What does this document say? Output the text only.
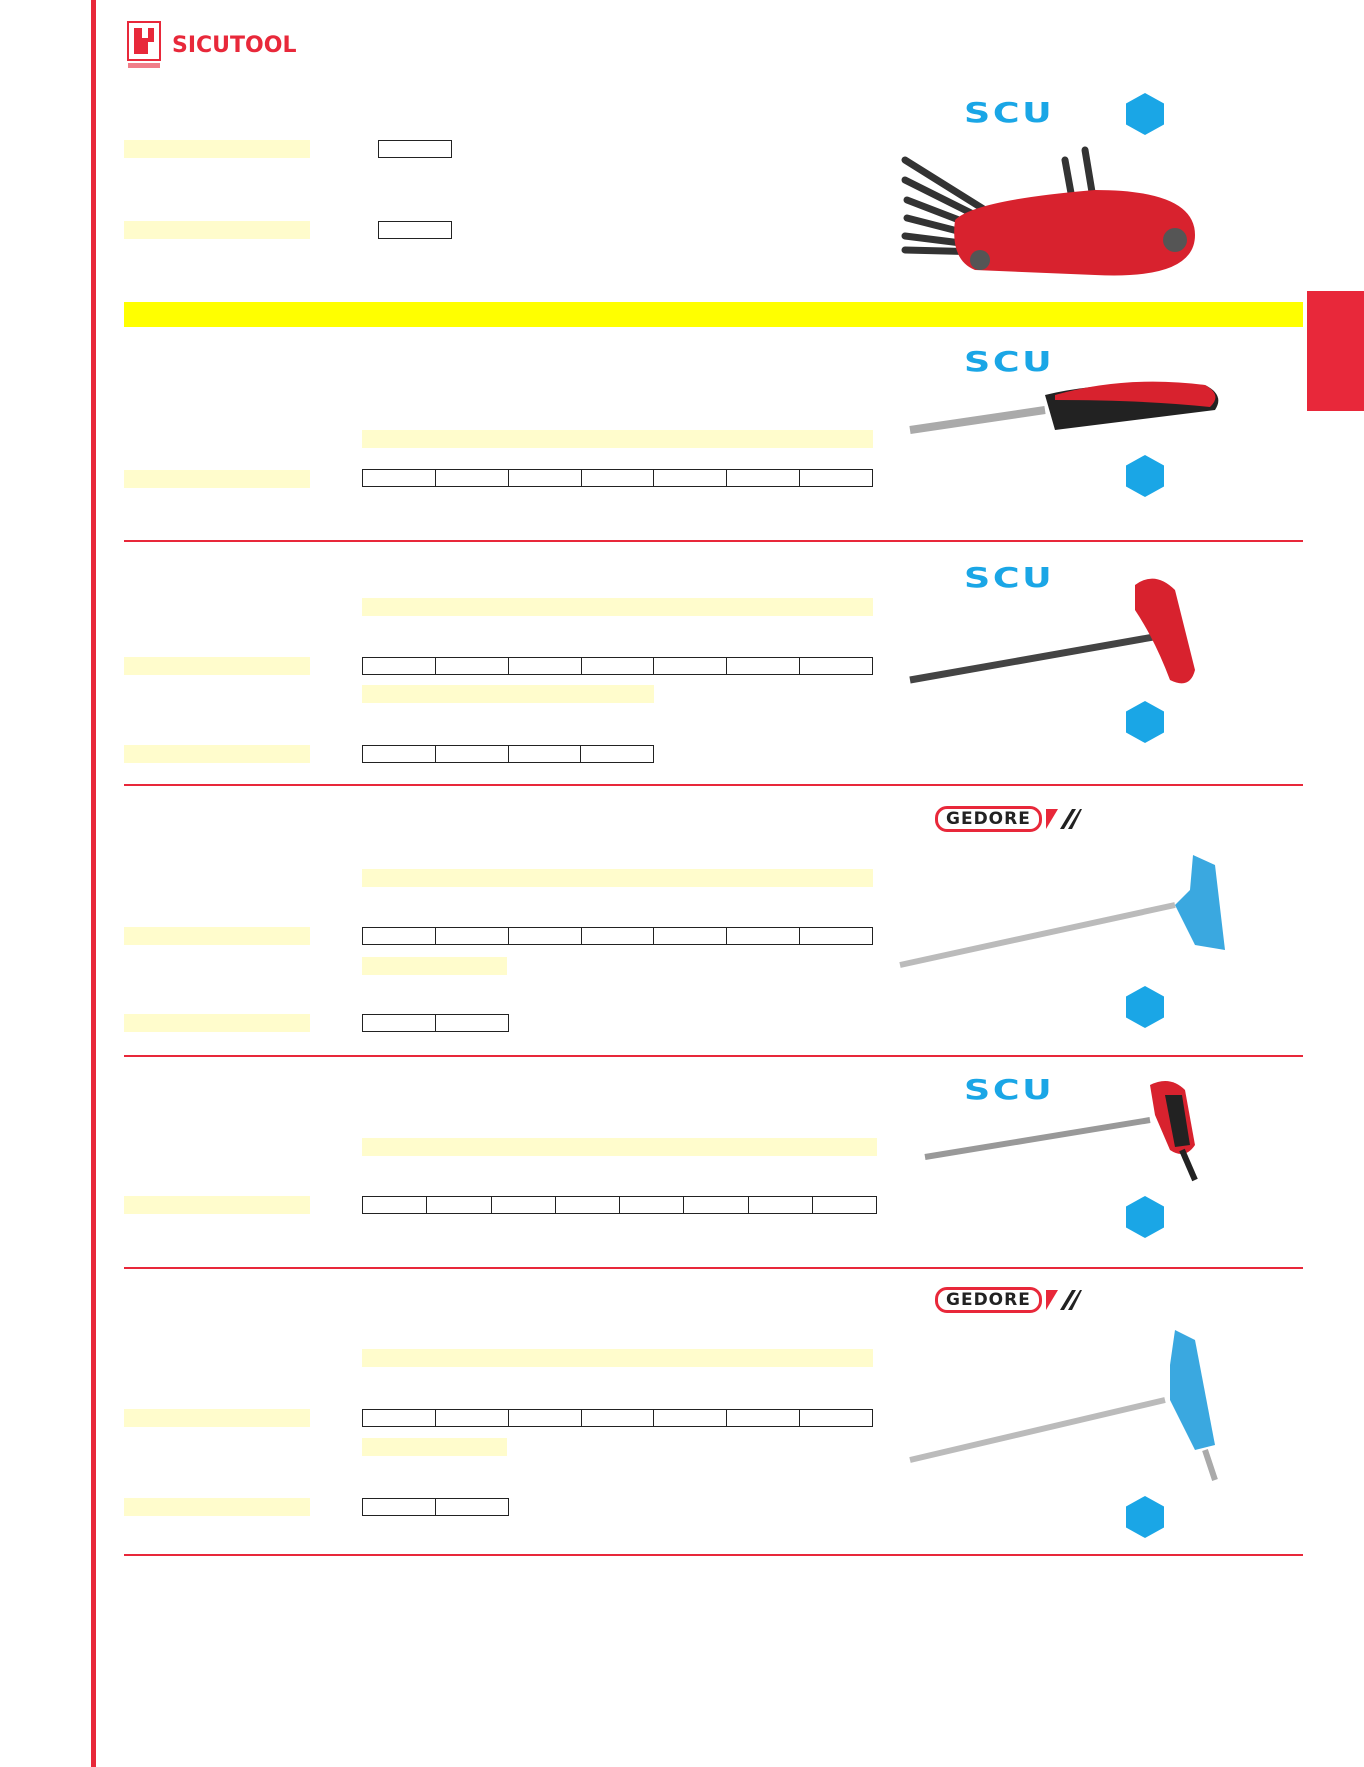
SICUTOOL
SCU
SCU
SCU
GEDORE
SCU
GEDORE
